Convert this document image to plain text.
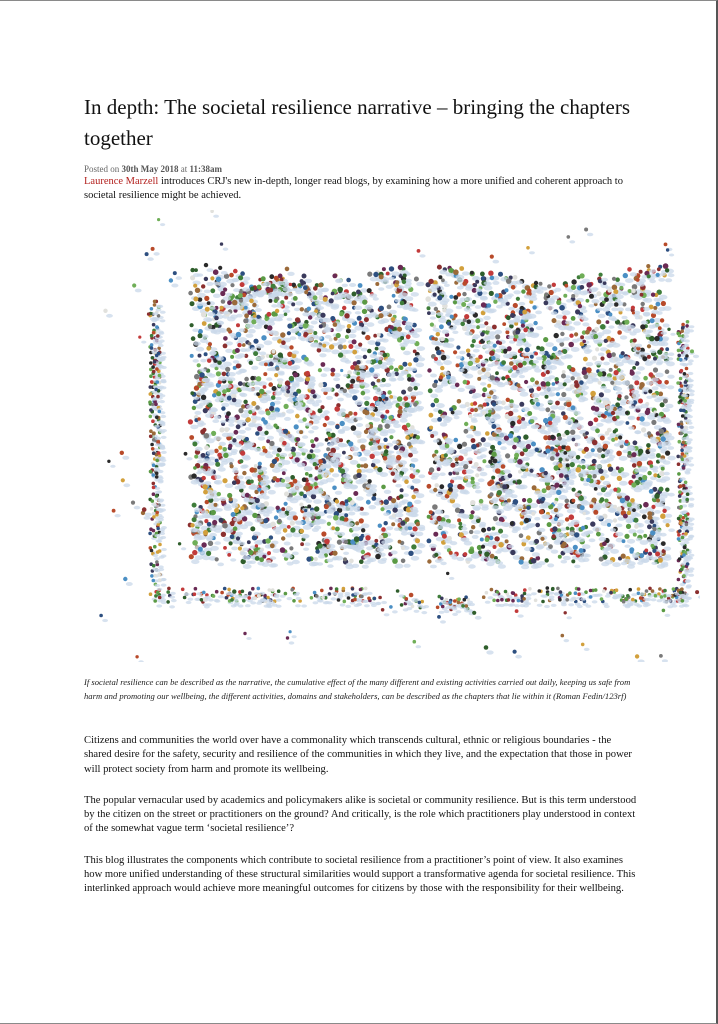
In depth: The societal resilience narrative – bringing the chapters together
Posted on 30th May 2018 at 11:38am

Laurence Marzell introduces CRJ's new in-depth, longer read blogs, by examining how a more unified and coherent approach to societal resilience might be achieved.

If societal resilience can be described as the narrative, the cumulative effect of the many different and existing activities carried out daily, keeping us safe from harm and promoting our wellbeing, the different activities, domains and stakeholders, can be described as the chapters that lie within it (Roman Fedin/123rf)

Citizens and communities the world over have a commonality which transcends cultural, ethnic or religious boundaries - the shared desire for the safety, security and resilience of the communities in which they live, and the expectation that those in power will protect society from harm and promote its wellbeing.

The popular vernacular used by academics and policymakers alike is societal or community resilience. But is this term understood by the citizen on the street or practitioners on the ground? And critically, is the role which practitioners play understood in context of the somewhat vague term ‘societal resilience’?

This blog illustrates the components which contribute to societal resilience from a practitioner’s point of view. It also examines how more unified understanding of these structural similarities would support a transformative agenda for societal resilience. This interlinked approach would achieve more meaningful outcomes for citizens by those with the responsibility for their wellbeing.
